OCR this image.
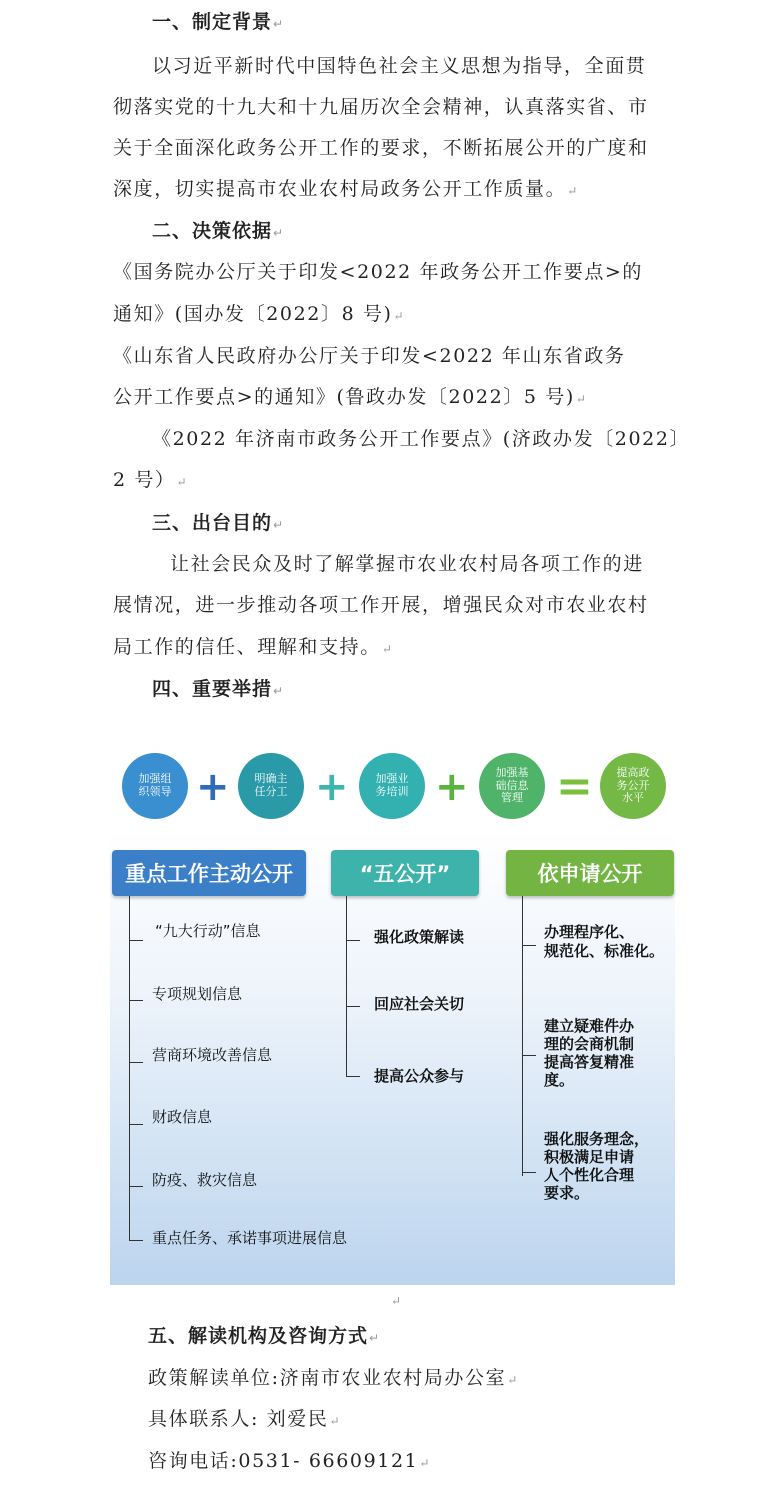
一、制定背景↵
以习近平新时代中国特色社会主义思想为指导，全面贯
彻落实党的十九大和十九届历次全会精神，认真落实省、市
关于全面深化政务公开工作的要求，不断拓展公开的广度和
深度，切实提高市农业农村局政务公开工作质量。↵
二、决策依据↵
《国务院办公厅关于印发<2022 年政务公开工作要点>的
通知》(国办发〔2022〕8 号)↵
《山东省人民政府办公厅关于印发<2022 年山东省政务
公开工作要点>的通知》(鲁政办发〔2022〕5 号)↵
《2022 年济南市政务公开工作要点》(济政办发〔2022〕
2 号）↵
三、出台目的↵
让社会民众及时了解掌握市农业农村局各项工作的进
展情况，进一步推动各项工作开展，增强民众对市农业农村
局工作的信任、理解和支持。↵
四、重要举措↵
加强组
织领导 + 明确主
任分工 + 加强业
务培训 + 加强基
础信息
管理 = 提高政
务公开
水平
重点工作主动公开
“九大行动”信息
专项规划信息
营商环境改善信息
财政信息
防疫、救灾信息
重点任务、承诺事项进展信息
“五公开”
强化政策解读
回应社会关切
提高公众参与
依申请公开
办理程序化、
规范化、标准化。
建立疑难件办
理的会商机制
提高答复精准
度。
强化服务理念，
积极满足申请
人个性化合理
要求。
↵
五、解读机构及咨询方式↵
政策解读单位:济南市农业农村局办公室↵
具体联系人: 刘爱民↵
咨询电话:0531- 66609121↵
